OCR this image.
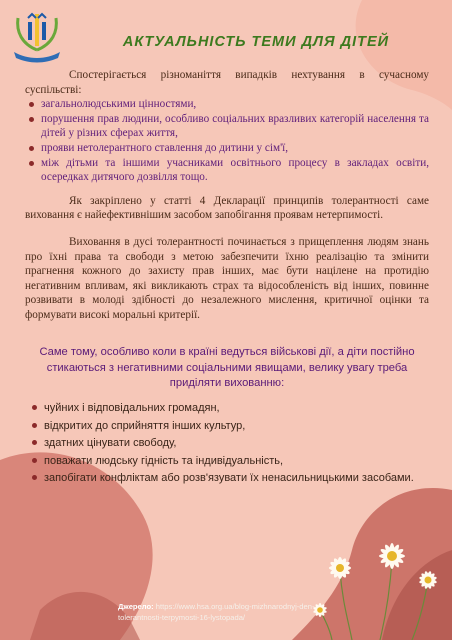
АКТУАЛЬНІСТЬ ТЕМИ ДЛЯ ДІТЕЙ

Спостерігається різноманіття випадків нехтування в сучасному суспільстві:

загальнолюдськими цінностями,
порушення прав людини, особливо соціальних вразливих категорій населення та дітей у різних сферах життя,
прояви нетолерантного ставлення до дитини у сім'ї,
між дітьми та іншими учасниками освітнього процесу в закладах освіти, осередках дитячого дозвілля тощо.

Як закріплено у статті 4 Декларації принципів толерантності саме виховання є найефективнішим засобом запобігання проявам нетерпимості.

Виховання в дусі толерантності починається з прищеплення людям знань про їхні права та свободи з метою забезпечити їхню реалізацію та змінити прагнення кожного до захисту прав інших, має бути націлене на протидію негативним впливам, які викликають страх та відособленість від інших, повинне розвивати в молоді здібності до незалежного мислення, критичної оцінки та формувати високі моральні критерії.

Саме тому, особливо коли в країні ведуться військові дії, а діти постійно стикаються з негативними соціальними явищами, велику увагу треба приділяти вихованню:
чуйних і відповідальних громадян,
відкритих до сприйняття інших культур,
здатних цінувати свободу,
поважати людську гідність та індивідуальність,
запобігати конфліктам або розв'язувати їх ненасильницькими засобами.
Джерело: https://www.hsa.org.ua/blog-mizhnarodnyj-den-tolerantnosti-terpymosti-16-lystopada/
